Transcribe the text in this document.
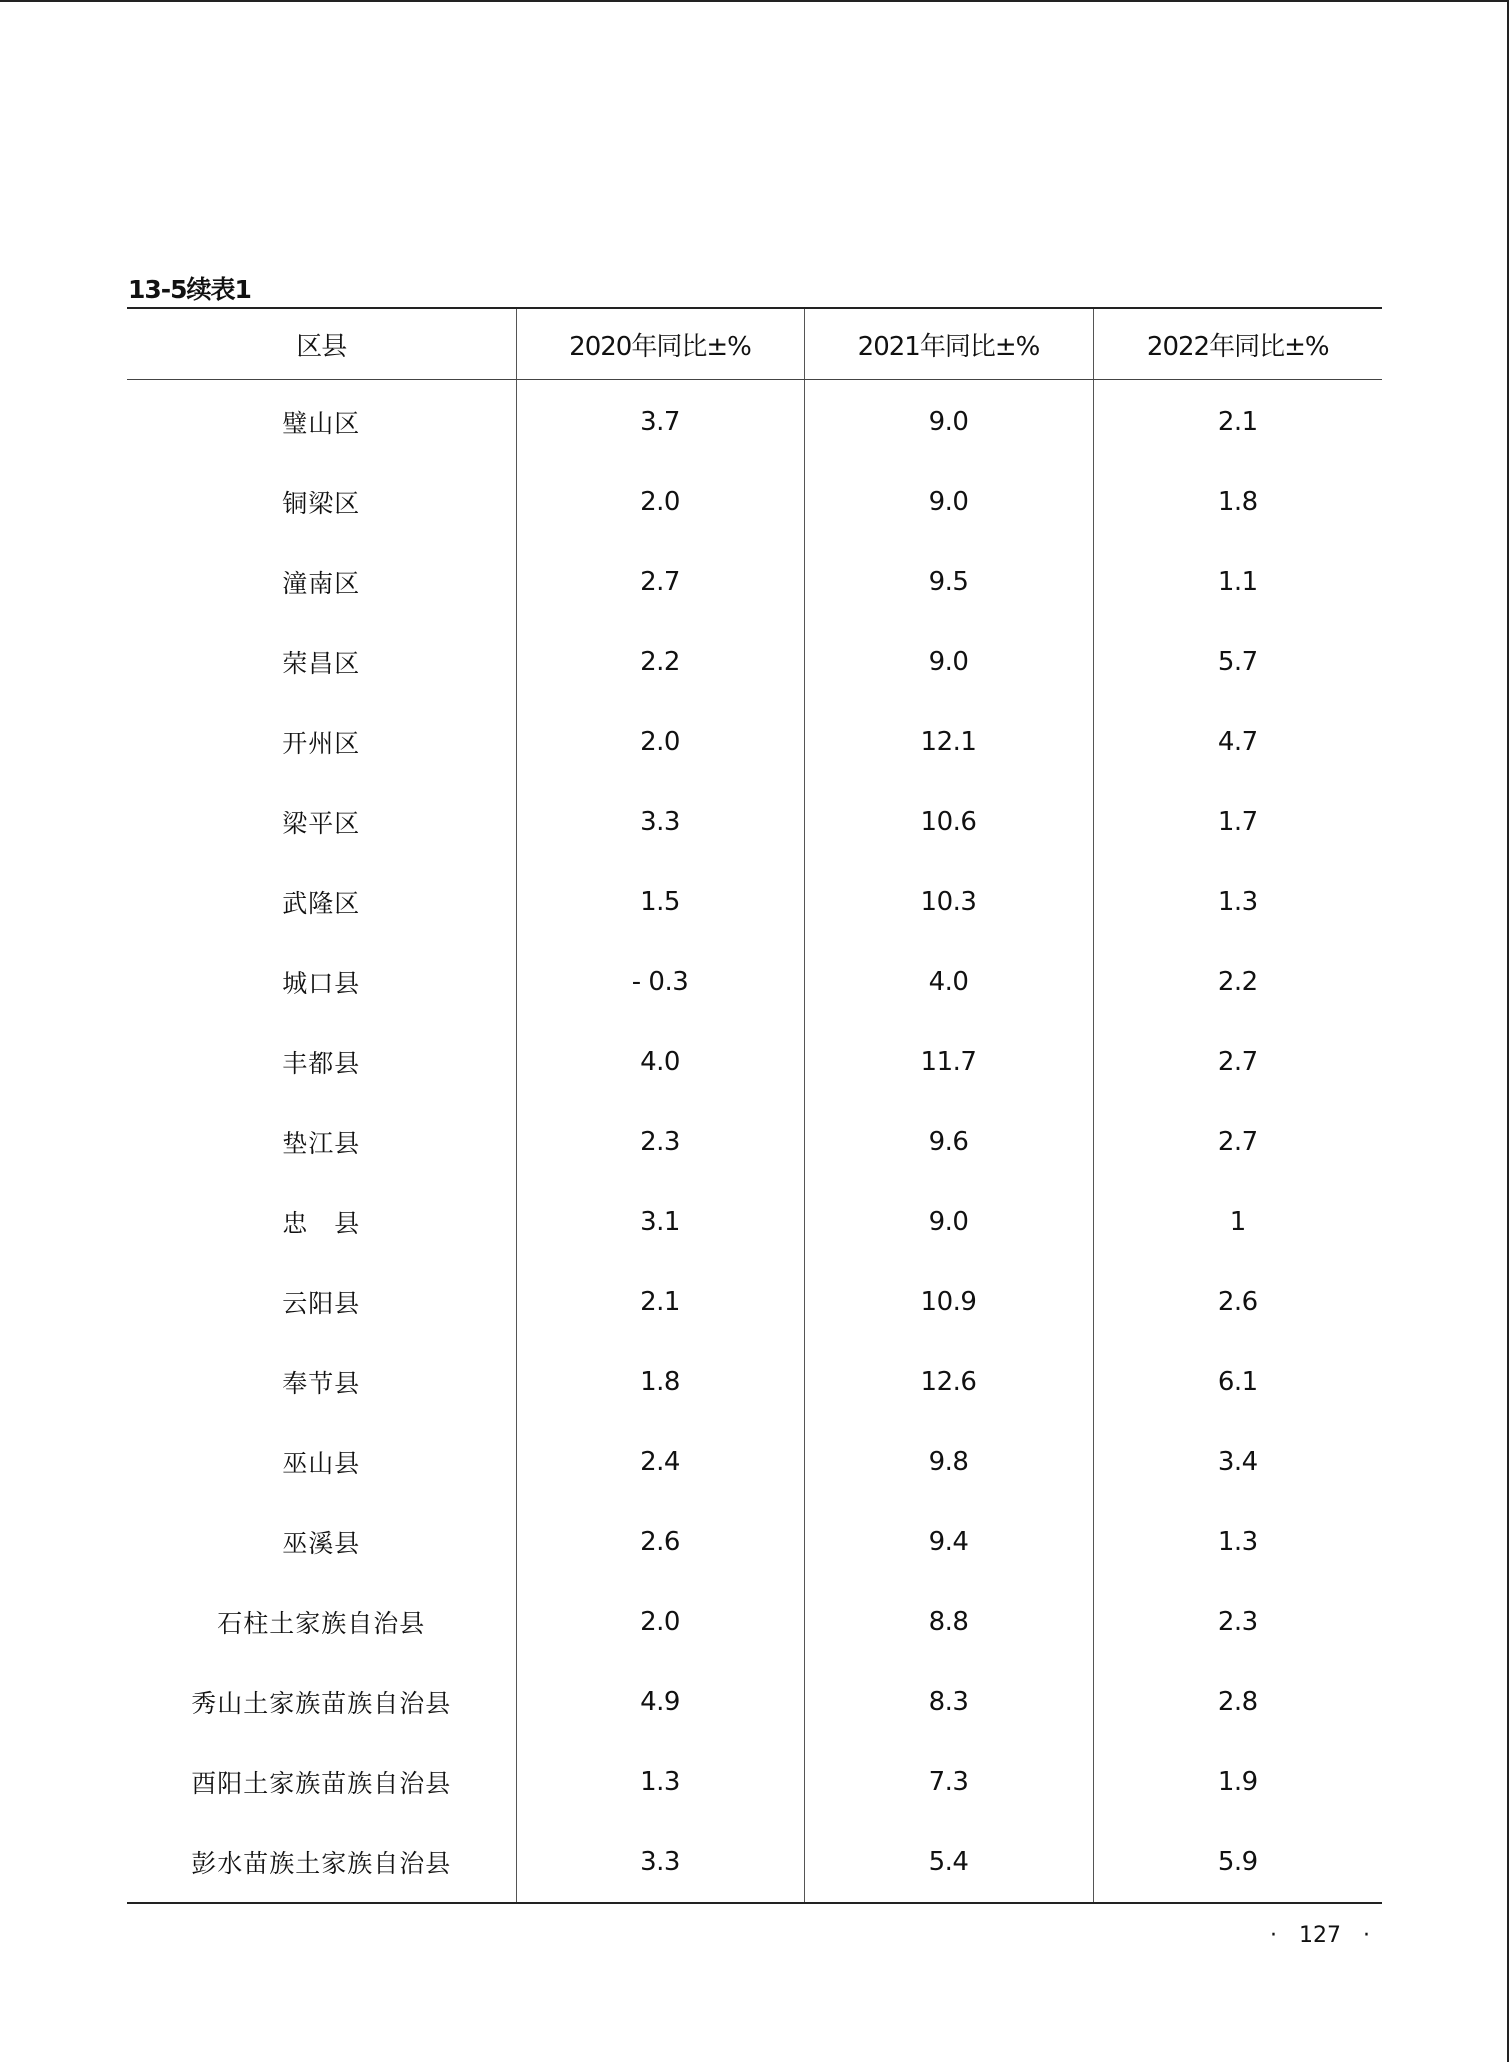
13-5续表1
区县	2020年同比±%	2021年同比±%	2022年同比±%
璧山区	3.7	9.0	2.1
铜梁区	2.0	9.0	1.8
潼南区	2.7	9.5	1.1
荣昌区	2.2	9.0	5.7
开州区	2.0	12.1	4.7
梁平区	3.3	10.6	1.7
武隆区	1.5	10.3	1.3
城口县	- 0.3	4.0	2.2
丰都县	4.0	11.7	2.7
垫江县	2.3	9.6	2.7
忠　县	3.1	9.0	1
云阳县	2.1	10.9	2.6
奉节县	1.8	12.6	6.1
巫山县	2.4	9.8	3.4
巫溪县	2.6	9.4	1.3
石柱土家族自治县	2.0	8.8	2.3
秀山土家族苗族自治县	4.9	8.3	2.8
酉阳土家族苗族自治县	1.3	7.3	1.9
彭水苗族土家族自治县	3.3	5.4	5.9
·　127　·
